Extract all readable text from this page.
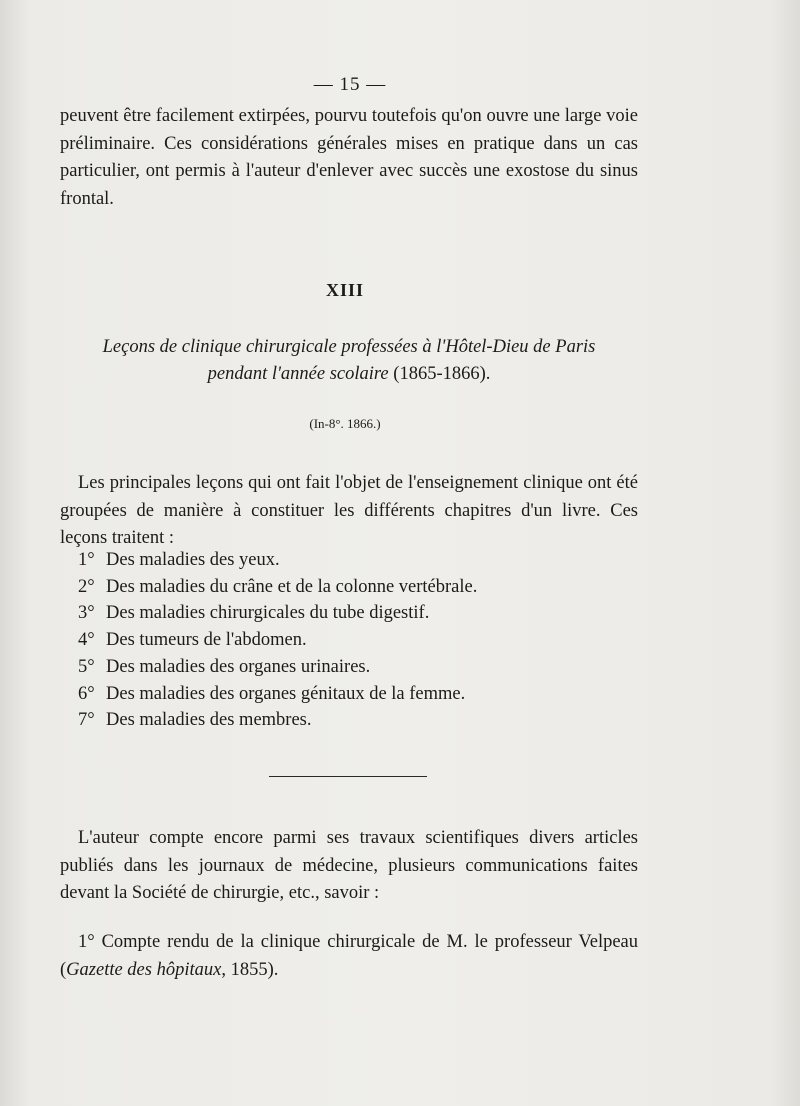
— 15 —

peuvent être facilement extirpées, pourvu toutefois qu'on ouvre une large voie préliminaire. Ces considérations générales mises en pratique dans un cas particulier, ont permis à l'auteur d'enlever avec succès une exostose du sinus frontal.

XIII
Leçons de clinique chirurgicale professées à l'Hôtel-Dieu de Paris
pendant l'année scolaire (1865-1866).
(In-8°. 1866.)

Les principales leçons qui ont fait l'objet de l'enseignement clinique ont été groupées de manière à constituer les différents chapitres d'un livre. Ces leçons traitent :

1° Des maladies des yeux.
2° Des maladies du crâne et de la colonne vertébrale.
3° Des maladies chirurgicales du tube digestif.
4° Des tumeurs de l'abdomen.
5° Des maladies des organes urinaires.
6° Des maladies des organes génitaux de la femme.
7° Des maladies des membres.

L'auteur compte encore parmi ses travaux scientifiques divers articles publiés dans les journaux de médecine, plusieurs communications faites devant la Société de chirurgie, etc., savoir :

1° Compte rendu de la clinique chirurgicale de M. le professeur Velpeau (Gazette des hôpitaux, 1855).
